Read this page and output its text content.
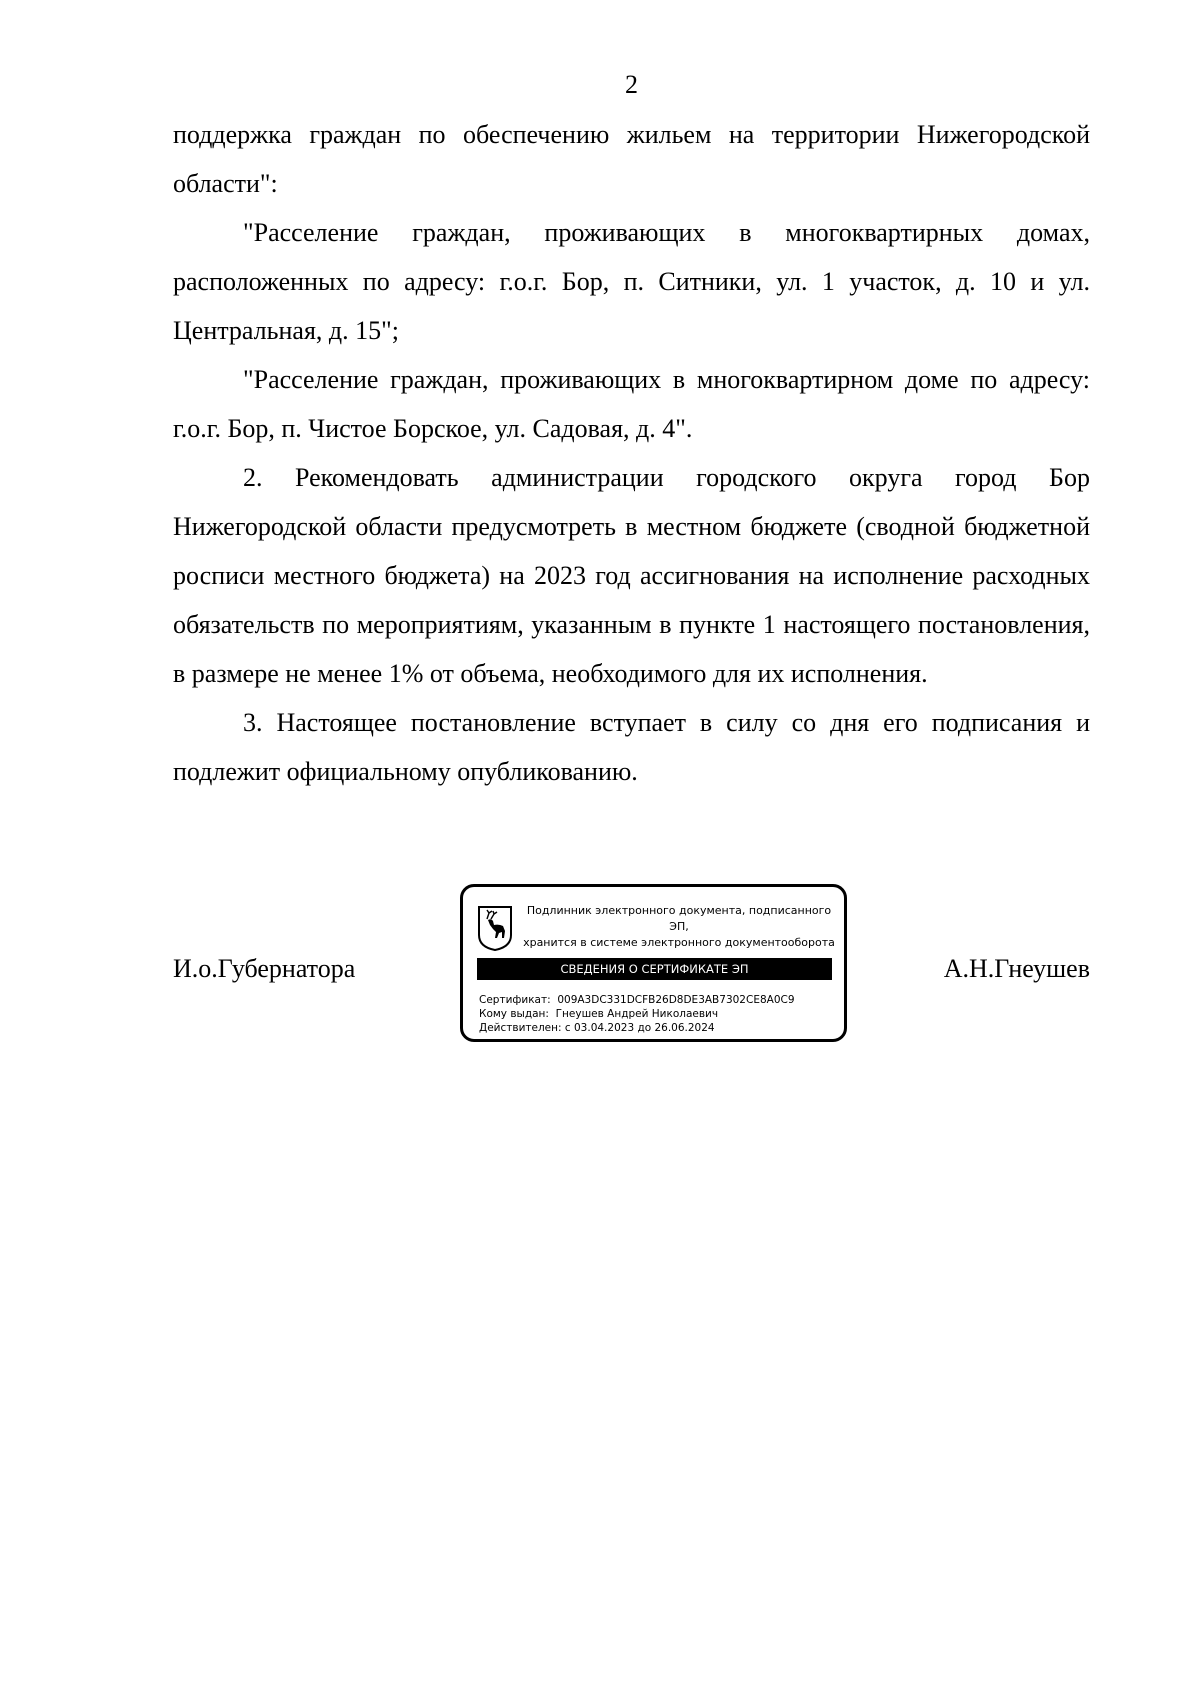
2

поддержка граждан по обеспечению жильем на территории Нижегородской области":

"Расселение граждан, проживающих в многоквартирных домах, расположенных по адресу: г.о.г. Бор, п. Ситники, ул. 1 участок, д. 10 и ул. Центральная, д. 15";

"Расселение граждан, проживающих в многоквартирном доме по адресу: г.о.г. Бор, п. Чистое Борское, ул. Садовая, д. 4".

2. Рекомендовать администрации городского округа город Бор Нижегородской области предусмотреть в местном бюджете (сводной бюджетной росписи местного бюджета) на 2023 год ассигнования на исполнение расходных обязательств по мероприятиям, указанным в пункте 1 настоящего постановления, в размере не менее 1% от объема, необходимого для их исполнения.

3. Настоящее постановление вступает в силу со дня его подписания и подлежит официальному опубликованию.

И.о.Губернатора	А.Н.Гнеушев
Подлинник электронного документа, подписанного ЭП,
хранится в системе электронного документооборота
СВЕДЕНИЯ О СЕРТИФИКАТЕ ЭП
Сертификат: 009A3DC331DCFB26D8DE3AB7302CE8A0C9
Кому выдан: Гнеушев Андрей Николаевич
Действителен: с 03.04.2023 до 26.06.2024
